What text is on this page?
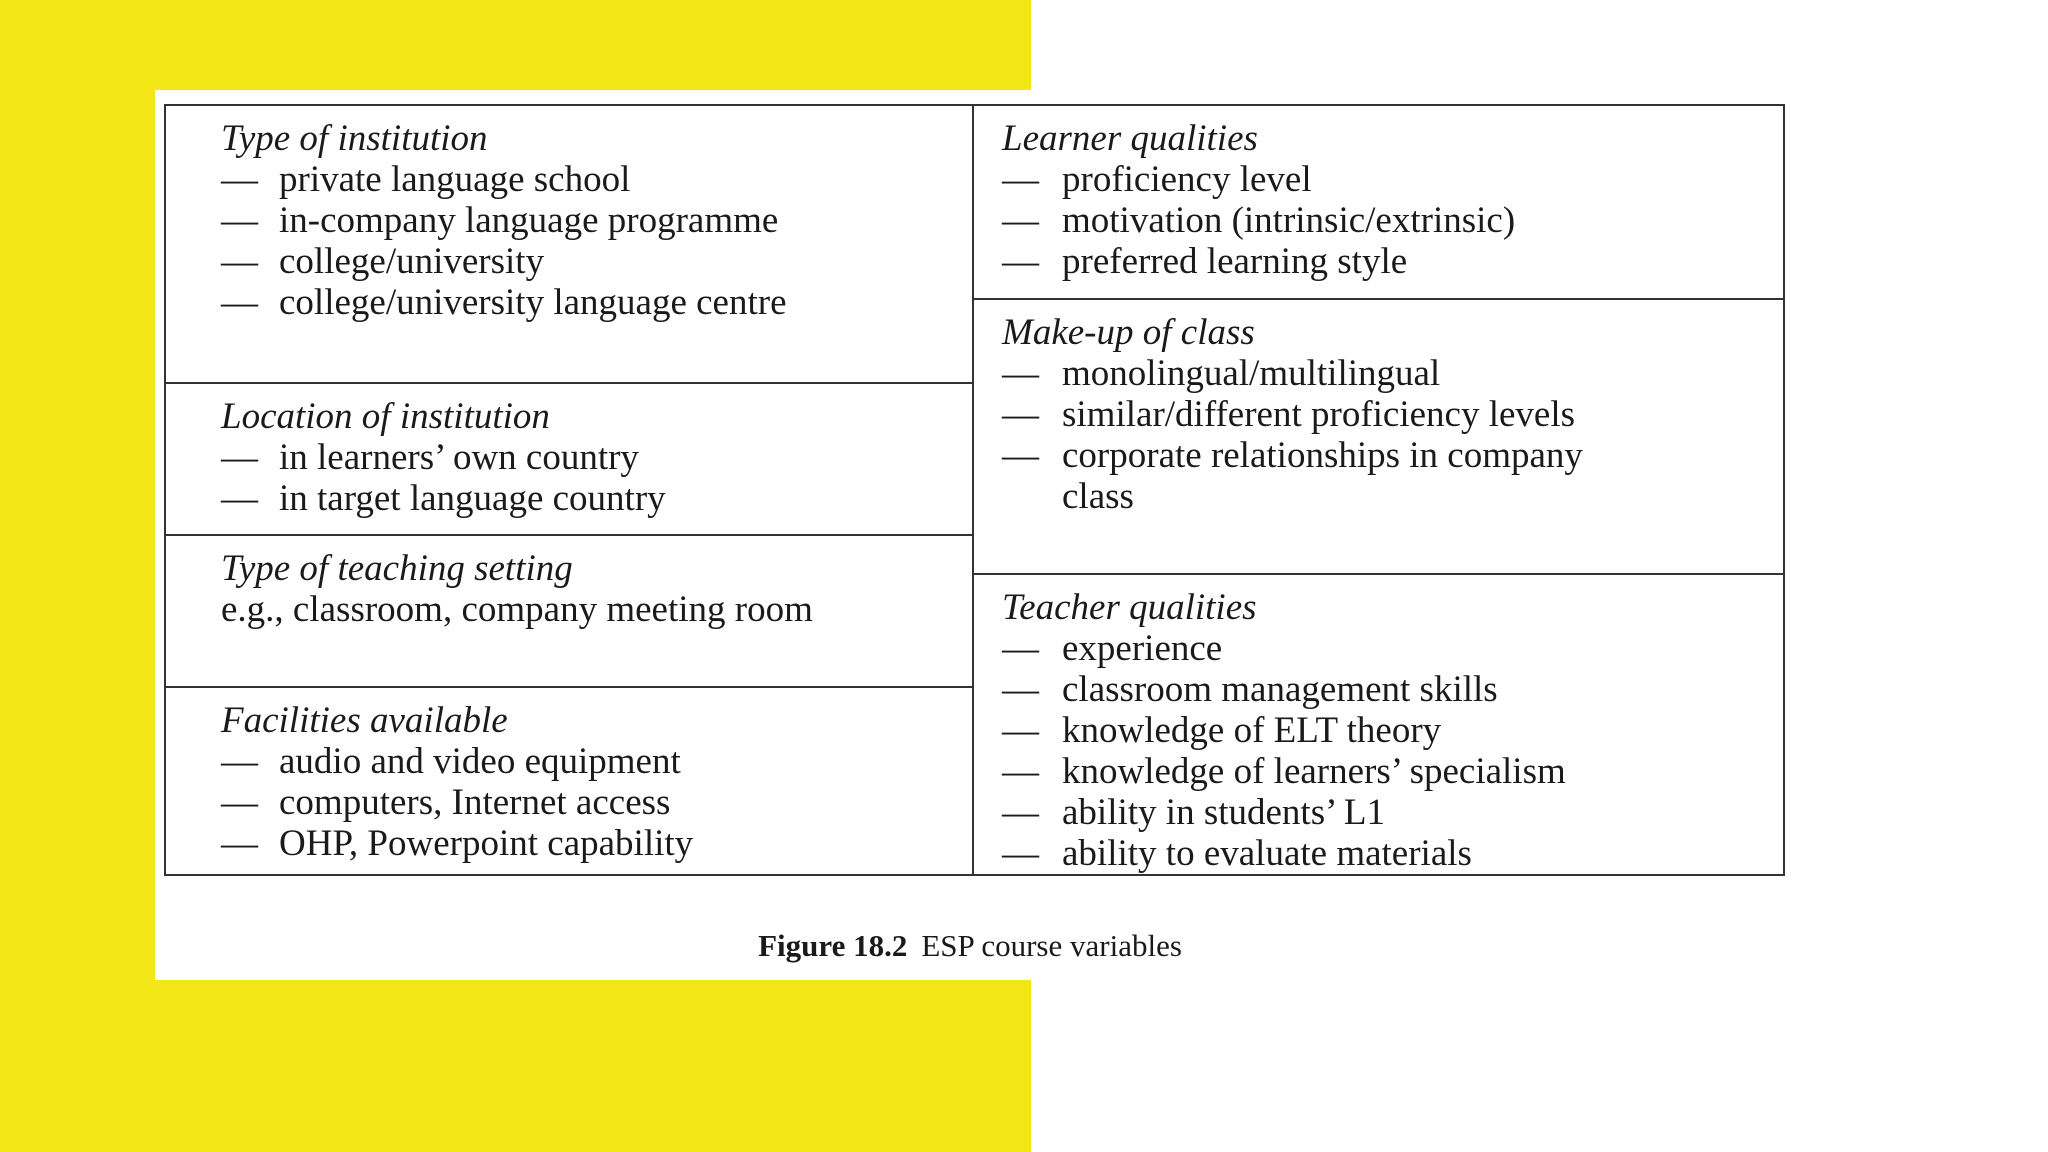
Type of institution
— private language school
— in-company language programme
— college/university
— college/university language centre
Location of institution
— in learners’ own country
— in target language country
Type of teaching setting
e.g., classroom, company meeting room
Facilities available
— audio and video equipment
— computers, Internet access
— OHP, Powerpoint capability
Learner qualities
— proficiency level
— motivation (intrinsic/extrinsic)
— preferred learning style
Make-up of class
— monolingual/multilingual
— similar/different proficiency levels
— corporate relationships in company class
Teacher qualities
— experience
— classroom management skills
— knowledge of ELT theory
— knowledge of learners’ specialism
— ability in students’ L1
— ability to evaluate materials
Figure 18.2 ESP course variables
